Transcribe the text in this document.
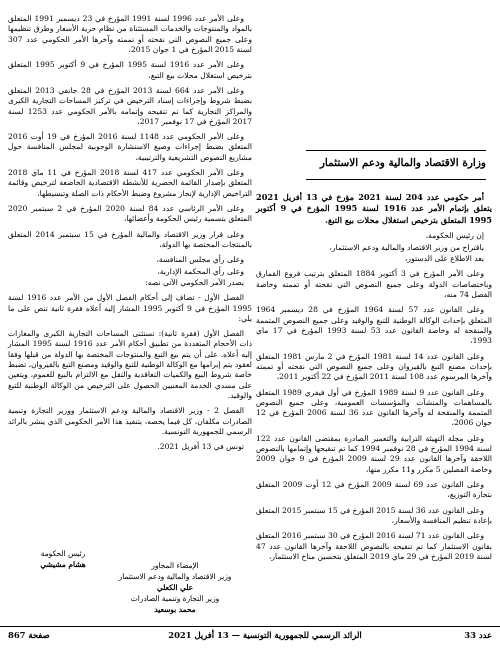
وعلى الأمر عدد 1996 لسنة 1991 المؤرخ في 23 ديسمبر 1991 المتعلق بالمواد والمنتوجات والخدمات المستثناة من نظام حرية الأسعار وطرق تنظيمها وعلى جميع النصوص التي نقحته أو تممته وآخرها الأمر الحكومي عدد 307 لسنة 2015 المؤرخ في 1 جوان 2015،

وعلى الأمر عدد 1916 لسنة 1995 المؤرخ في 9 أكتوبر 1995 المتعلق بترخيص استغلال محلات بيع التبغ،

وعلى الأمر عدد 664 لسنة 2013 المؤرخ في 28 جانفي 2013 المتعلق بضبط شروط وإجراءات إسناد الترخيص في تركيز المساحات التجارية الكبرى والمراكز التجارية كما تم تنقيحه وإتمامه بالأمر الحكومي عدد 1253 لسنة 2017 المؤرخ في 17 نوفمبر 2017،

وعلى الأمر الحكومي عدد 1148 لسنة 2016 المؤرخ في 19 أوت 2016 المتعلق بضبط إجراءات وصيغ الاستشارة الوجوبية لمجلس المنافسة حول مشاريع النصوص التشريعية والترتيبية،

وعلى الأمر الحكومي عدد 417 لسنة 2018 المؤرخ في 11 ماي 2018 المتعلق بإصدار القائمة الحصرية للأنشطة الاقتصادية الخاضعة لترخيص وقائمة التراخيص الإدارية لإنجاز مشروع وضبط الأحكام ذات الصلة وتبسيطها،

وعلى الأمر الرئاسي عدد 84 لسنة 2020 المؤرخ في 2 سبتمبر 2020 المتعلق بتسمية رئيس الحكومة وأعضائها،

وعلى قرار وزير الاقتصاد والمالية المؤرخ في 15 سبتمبر 2014 المتعلق بالمنتجات المختصة بها الدولة،

وعلى رأي مجلس المنافسة،

وعلى رأي المحكمة الإدارية،

يصدر الأمر الحكومي الآتي نصه:

الفصل الأول - تضاف إلى أحكام الفصل الأول من الأمر عدد 1916 لسنة 1995 المؤرخ في 9 أكتوبر 1995 المشار إليه أعلاه فقرة ثانية تنص على ما يلي:

الفصل الأول (فقرة ثانية): تستثنى المساحات التجارية الكبرى والمغازات ذات الأحجام المتعددة من تطبيق أحكام الأمر عدد 1916 لسنة 1995 المشار إليه أعلاه. على أن يتم بيع التبغ والمنتوجات المختصة بها الدولة من قبلها وفقا لعقود يتم إبرامها مع الوكالة الوطنية للتبغ والوقيد ومصنع التبغ بالقيروان، تضبط خاصة شروط البيع والكميات التعاقدية والتقل مع الالتزام بالبيع للعموم، ويتعين على مسدي الخدمة المعنيين الحصول على الترخيص من الوكالة الوطنية للتبغ والوقيد.

الفصل 2 - وزير الاقتصاد والمالية ودعم الاستثمار ووزير التجارة وتنمية الصادرات مكلفان، كل فيما يخصه، بتنفيذ هذا الأمر الحكومي الذي ينشر بالرائد الرسمي للجمهورية التونسية.

تونس في 13 أفريل 2021.

وزارة الاقتصاد والمالية ودعم الاستثمار

أمر حكومي عدد 204 لسنة 2021 مؤرخ في 13 أفريل 2021 يتعلق بإتمام الأمر عدد 1916 لسنة 1995 المؤرخ في 9 أكتوبر 1995 المتعلق بترخيص استغلال محلات بيع التبغ.

إن رئيس الحكومة،

باقتراح من وزير الاقتصاد والمالية ودعم الاستثمار،

بعد الاطلاع على الدستور،

وعلى الأمر المؤرخ في 3 أكتوبر 1884 المتعلق بترتيب فروع القمارق وباختصاصات الدولة وعلى جميع النصوص التي نقحته أو تممته وخاصة الفصل 74 منه،

وعلى القانون عدد 57 لسنة 1964 المؤرخ في 28 ديسمبر 1964 المتعلق بإحداث الوكالة الوطنية للتبغ والوقيد وعلى جميع النصوص المتممة والمنقحة له وخاصة القانون عدد 53 لسنة 1993 المؤرخ في 17 ماي 1993،

وعلى القانون عدد 14 لسنة 1981 المؤرخ في 2 مارس 1981 المتعلق بإحداث مصنع التبغ بالقيروان وعلى جميع النصوص التي نقحته أو تممته وآخرها المرسوم عدد 108 لسنة 2011 المؤرخ في 22 أكتوبر 2011،

وعلى القانون عدد 9 لسنة 1989 المؤرخ في أول فيفري 1989 المتعلق بالمساهمات والمنشآت والمؤسسات العمومية، وعلى جميع النصوص المتممة والمنقحة له وآخرها القانون عدد 36 لسنة 2006 المؤرخ في 12 جوان 2006،

وعلى مجلة التهيئة الترابية والتعمير الصادرة بمقتضى القانون عدد 122 لسنة 1994 المؤرخ في 28 نوفمبر 1994 كما تم تنقيحها وإتمامها بالنصوص اللاحقة وآخرها القانون عدد 29 لسنة 2009 المؤرخ في 9 جوان 2009 وخاصة الفصلين 5 مكرر و11 مكرر منها،

وعلى القانون عدد 69 لسنة 2009 المؤرخ في 12 أوت 2009 المتعلق بتجارة التوزيع،

وعلى القانون عدد 36 لسنة 2015 المؤرخ في 15 سبتمبر 2015 المتعلق بإعادة تنظيم المنافسة والأسعار،

وعلى القانون عدد 71 لسنة 2016 المؤرخ في 30 سبتمبر 2016 المتعلق بقانون الاستثمار كما تم تنقيحه بالنصوص اللاحقة وآخرها القانون عدد 47 لسنة 2019 المؤرخ في 29 ماي 2019 المتعلق بتحسين مناخ الاستثمار،

رئيس الحكومة
هشام مشيشي	الإمضاء المجاور
وزير الاقتصاد والمالية ودعم الاستثمار
علي الكعلي
وزير التجارة وتنمية الصادرات
محمد بوسعيد
عدد 33
الرائد الرسمي للجمهورية التونسية — 13 أفريل 2021
صفحة 867
